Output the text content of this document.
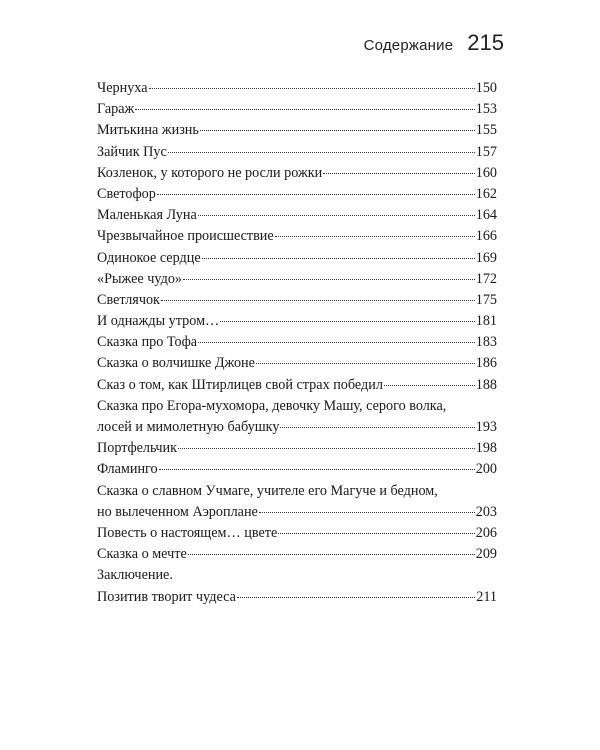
Содержание 215
Чернуха	150
Гараж	153
Митькина жизнь	155
Зайчик Пус	157
Козленок, у которого не росли рожки	160
Светофор	162
Маленькая Луна	164
Чрезвычайное происшествие	166
Одинокое сердце	169
«Рыжее чудо»	172
Светлячок	175
И однажды утром…	181
Сказка про Тофа	183
Сказка о волчишке Джоне	186
Сказ о том, как Штирлицев свой страх победил	188
Сказка про Егора-мухомора, девочку Машу, серого волка,
лосей и мимолетную бабушку	193
Портфельчик	198
Фламинго	200
Сказка о славном Учмаге, учителе его Магуче и бедном,
но вылеченном Аэроплане	203
Повесть о настоящем… цвете	206
Сказка о мечте	209
Заключение.
Позитив творит чудеса	211
